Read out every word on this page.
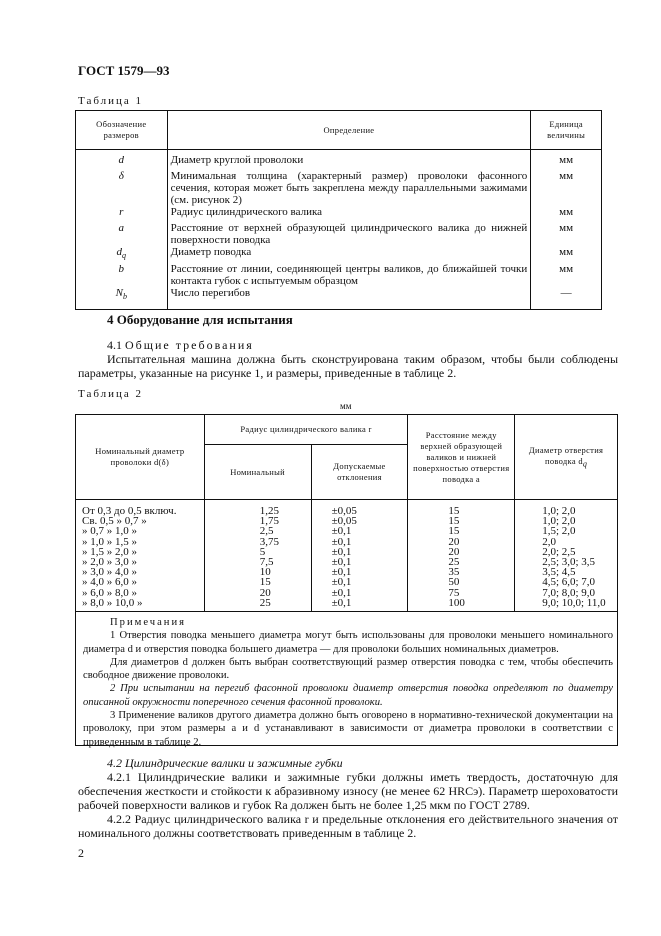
ГОСТ 1579—93
Таблица 1
Обозначение размеров	Определение	Единица величины
d	Диаметр круглой проволоки	мм
δ	Минимальная толщина (характерный размер) проволоки фасонного сечения, которая может быть закреплена между параллельными зажимами (см. рисунок 2)	мм
r	Радиус цилиндрического валика	мм
a	Расстояние от верхней образующей цилиндрического валика до нижней поверхности поводка	мм
$d_q$	Диаметр поводка	мм
b	Расстояние от линии, соединяющей центры валиков, до ближайшей точки контакта губок с испытуемым образцом	мм
$N_b$	Число перегибов	—
4 Оборудование для испытания
4.1 Общие требования
Испытательная машина должна быть сконструирована таким образом, чтобы были соблюдены параметры, указанные на рисунке 1, и размеры, приведенные в таблице 2.
Таблица 2
мм
Номинальный диаметр проволоки d(δ)	Радиус цилиндрического валика r		Расстояние между верхней образующей валиков и нижней поверхностью отверстия поводка a	Диаметр отверстия поводка $d_q$
	Номинальный	Допускаемые отклонения		
От 0,3 до 0,5 включ.	1,25	±0,05	15	1,0; 2,0
Св. 0,5 » 0,7 »	1,75	±0,05	15	1,0; 2,0
» 0,7 » 1,0 »	2,5	±0,1	15	1,5; 2,0
» 1,0 » 1,5 »	3,75	±0,1	20	2,0
» 1,5 » 2,0 »	5	±0,1	20	2,0; 2,5
» 2,0 » 3,0 »	7,5	±0,1	25	2,5; 3,0; 3,5
» 3,0 » 4,0 »	10	±0,1	35	3,5; 4,5
» 4,0 » 6,0 »	15	±0,1	50	4,5; 6,0; 7,0
» 6,0 » 8,0 »	20	±0,1	75	7,0; 8,0; 9,0
» 8,0 » 10,0 »	25	±0,1	100	9,0; 10,0; 11,0

Примечания

1 Отверстия поводка меньшего диаметра могут быть использованы для проволоки меньшего номинального диаметра d и отверстия поводка большего диаметра — для проволоки больших номинальных диаметров.

Для диаметров d должен быть выбран соответствующий размер отверстия поводка с тем, чтобы обеспечить свободное движение проволоки.

2 При испытании на перегиб фасонной проволоки диаметр отверстия поводка определяют по диаметру описанной окружности поперечного сечения фасонной проволоки.

3 Применение валиков другого диаметра должно быть оговорено в нормативно-технической документации на проволоку, при этом размеры a и d устанавливают в зависимости от диаметра проволоки в соответствии с приведенным в таблице 2.

4.2 Цилиндрические валики и зажимные губки
4.2.1 Цилиндрические валики и зажимные губки должны иметь твердость, достаточную для обеспечения жесткости и стойкости к абразивному износу (не менее 62 HRCэ). Параметр шероховатости рабочей поверхности валиков и губок Ra должен быть не более 1,25 мкм по ГОСТ 2789.
4.2.2 Радиус цилиндрического валика r и предельные отклонения его действительного значения от номинального должны соответствовать приведенным в таблице 2.
2
